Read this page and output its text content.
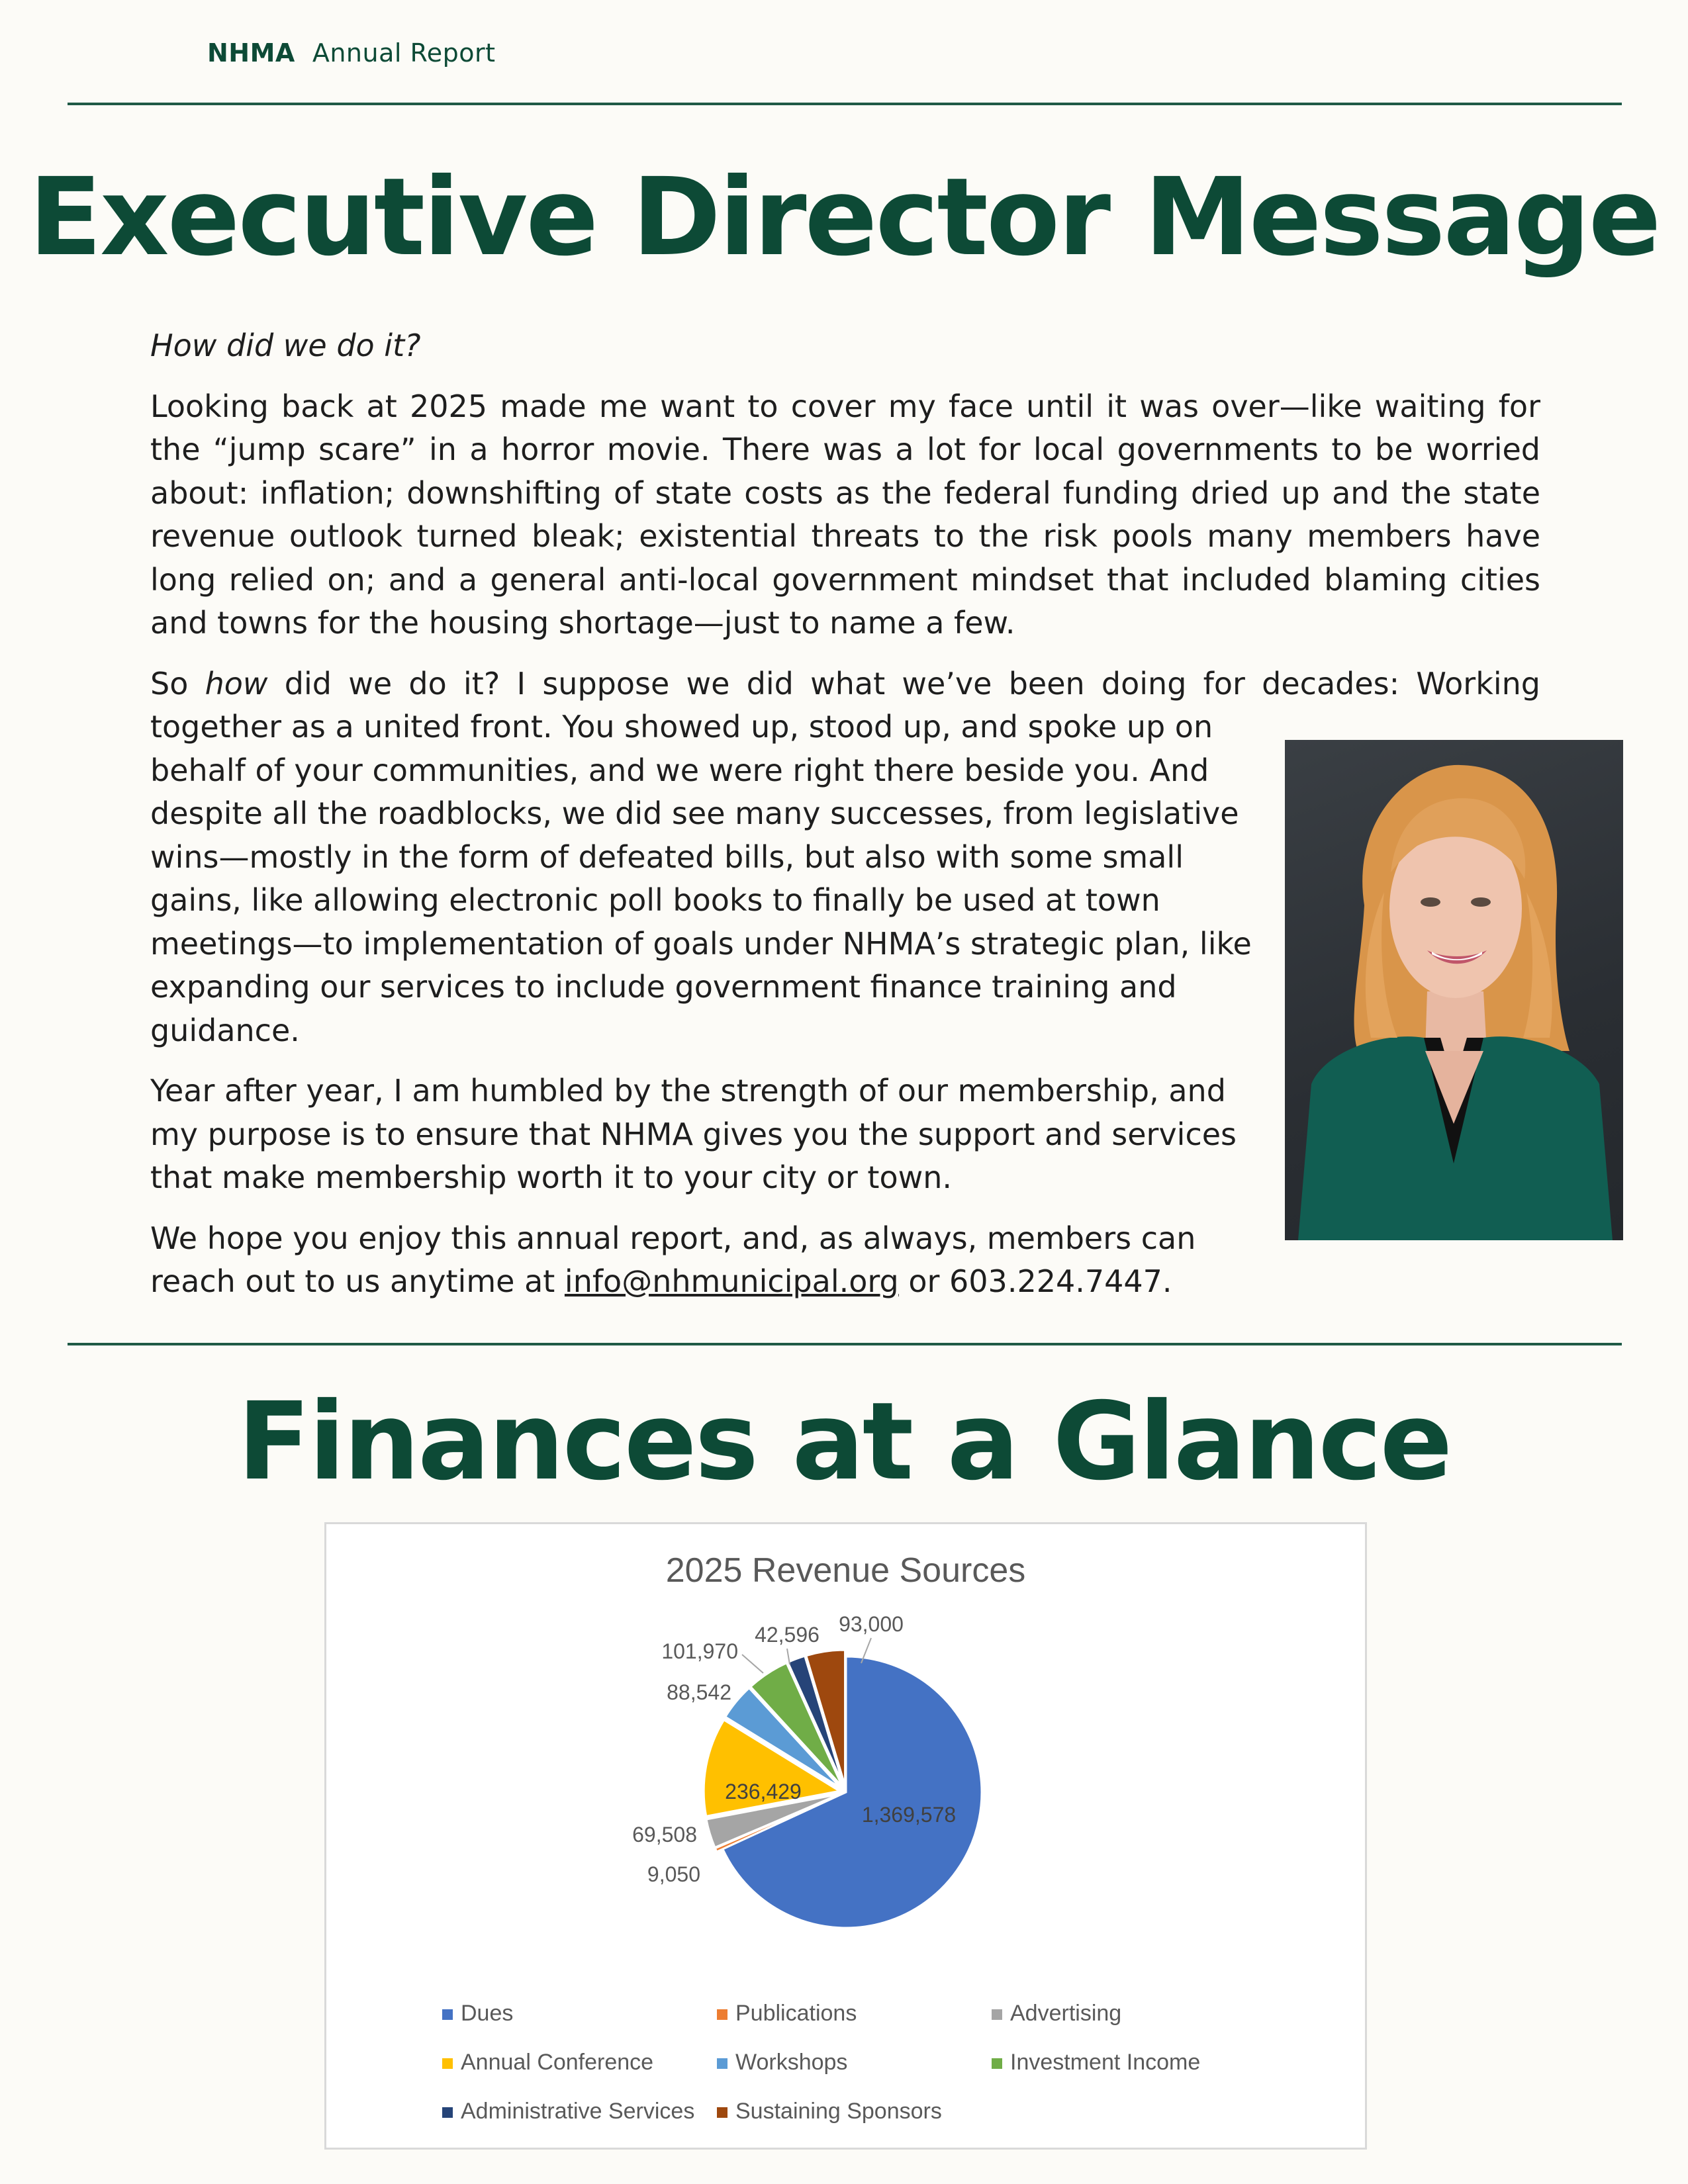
NHMA Annual Report
Executive Director Message

How did we do it?

Looking back at 2025 made me want to cover my face until it was over—like waiting for the “jump scare” in a horror movie. There was a lot for local governments to be worried about: inflation; downshifting of state costs as the federal funding dried up and the state revenue outlook turned bleak; existential threats to the risk pools many members have long relied on; and a general anti-local government mindset that included blaming cities and towns for the housing shortage—just to name a few.

So how did we do it? I suppose we did what we’ve been doing for decades: Working
together as a united front. You showed up, stood up, and spoke up on behalf of your communities, and we were right there beside you. And despite all the roadblocks, we did see many successes, from legislative wins—mostly in the form of defeated bills, but also with some small gains, like allowing electronic poll books to finally be used at town meetings—to implementation of goals under NHMA’s strategic plan, like expanding our services to include government finance training and guidance.

Year after year, I am humbled by the strength of our membership, and my purpose is to ensure that NHMA gives you the support and services that make membership worth it to your city or town.

We hope you enjoy this annual report, and, as always, members can reach out to us anytime at info@nhmunicipal.org or 603.224.7447.

Finances at a Glance
2025 Revenue Sources
1,369,578
9,050
69,508
236,429
88,542
101,970
42,596 93,000
Dues	Publications	Advertising
Annual Conference	Workshops	Investment Income
Administrative Services	Sustaining Sponsors
